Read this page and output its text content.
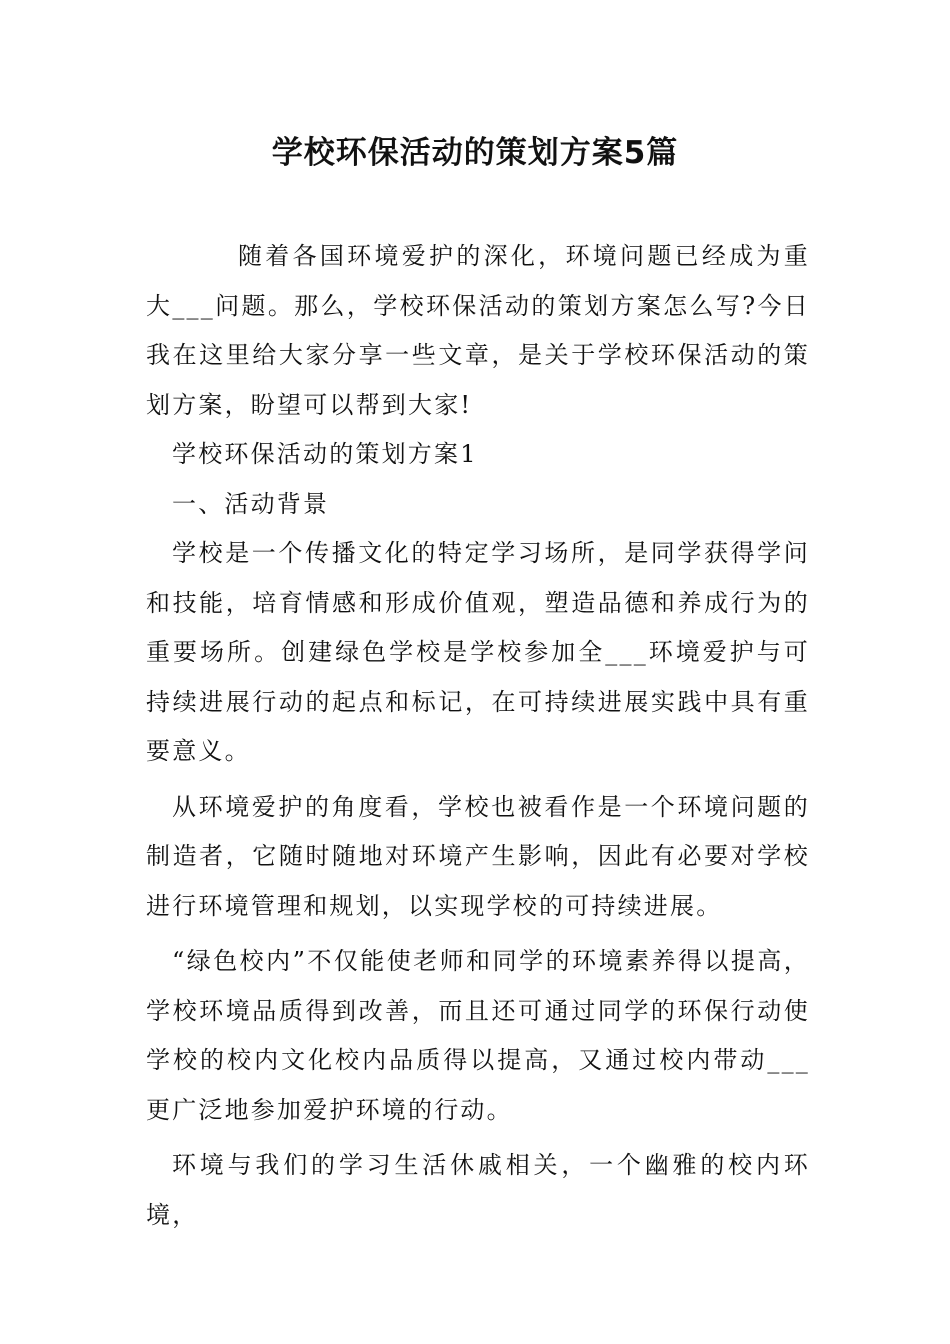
学校环保活动的策划方案5篇

随着各国环境爱护的深化，环境问题已经成为重大___问题。那么，学校环保活动的策划方案怎么写?今日我在这里给大家分享一些文章，是关于学校环保活动的策划方案，盼望可以帮到大家!

学校环保活动的策划方案1

一、活动背景

学校是一个传播文化的特定学习场所，是同学获得学问和技能，培育情感和形成价值观，塑造品德和养成行为的重要场所。创建绿色学校是学校参加全___环境爱护与可持续进展行动的起点和标记，在可持续进展实践中具有重要意义。

从环境爱护的角度看，学校也被看作是一个环境问题的制造者，它随时随地对环境产生影响，因此有必要对学校进行环境管理和规划，以实现学校的可持续进展。

“绿色校内”不仅能使老师和同学的环境素养得以提高，学校环境品质得到改善，而且还可通过同学的环保行动使学校的校内文化校内品质得以提高，又通过校内带动___更广泛地参加爱护环境的行动。

环境与我们的学习生活休戚相关，一个幽雅的校内环境，
